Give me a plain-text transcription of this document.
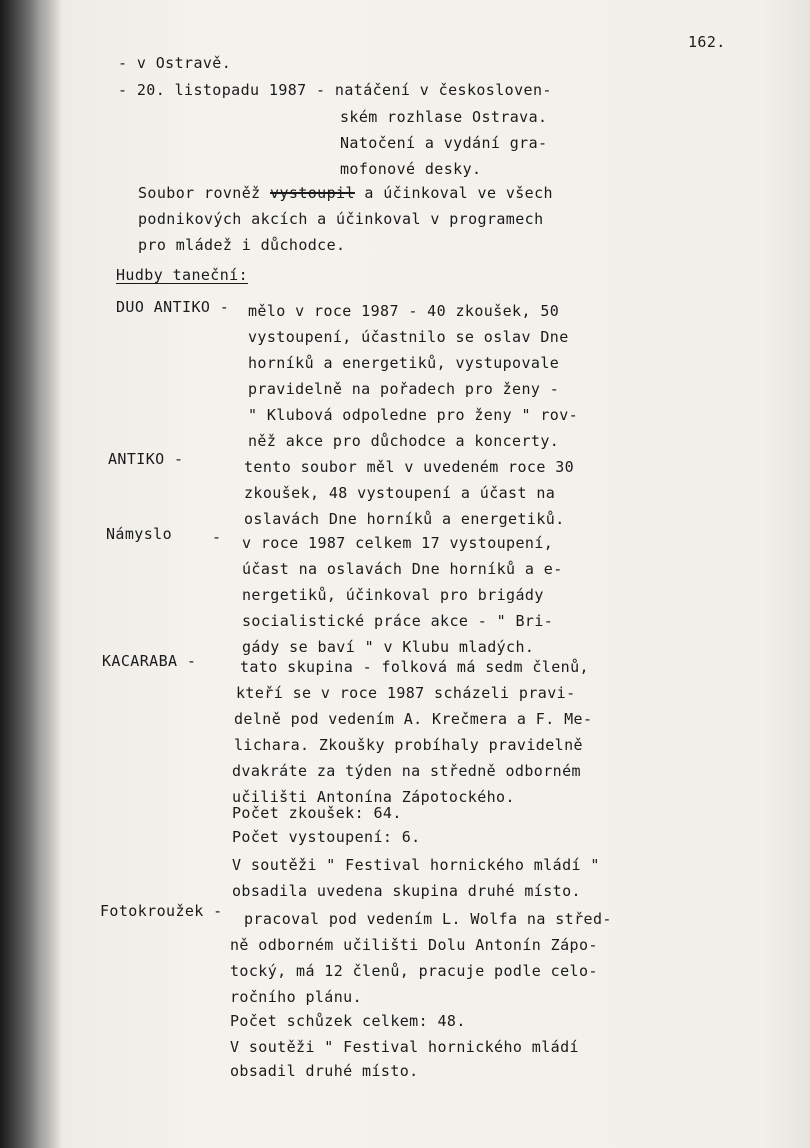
162.
- v Ostravě.
- 20. listopadu 1987 - natáčení v českosloven-
ském rozhlase Ostrava.
Natočení a vydání gra-
mofonové desky.
Soubor rovněž vystoupil a účinkoval ve všech
podnikových akcích a účinkoval v programech
pro mládež i důchodce.
Hudby taneční:
DUO ANTIKO - mělo v roce 1987 - 40 zkoušek, 50
vystoupení, účastnilo se oslav Dne
horníků a energetiků, vystupovale
pravidelně na pořadech pro ženy -
" Klubová odpoledne pro ženy " rov-
něž akce pro důchodce a koncerty.
ANTIKO -	tento soubor měl v uvedeném roce 30
zkoušek, 48 vystoupení a účast na
oslavách Dne horníků a energetiků.
Námyslo	- v roce 1987 celkem 17 vystoupení,
účast na oslavách Dne horníků a e-
nergetiků, účinkoval pro brigády
socialistické práce akce - " Bri-
gády se baví " v Klubu mladých.
KACARABA -	tato skupina - folková má sedm členů,
kteří se v roce 1987 scházeli pravi-
delně pod vedením A. Krečmera a F. Me-
lichara. Zkoušky probíhaly pravidelně
dvakráte za týden na středně odborném
učilišti Antonína Zápotockého.
Počet zkoušek: 64.
Počet vystoupení: 6.
V soutěži " Festival hornického mládí "
obsadila uvedena skupina druhé místo.
Fotokroužek - pracoval pod vedením L. Wolfa na střed-
ně odborném učilišti Dolu Antonín Zápo-
tocký, má 12 členů, pracuje podle celo-
ročního plánu.
Počet schůzek celkem: 48.
V soutěži " Festival hornického mládí
obsadil druhé místo.
